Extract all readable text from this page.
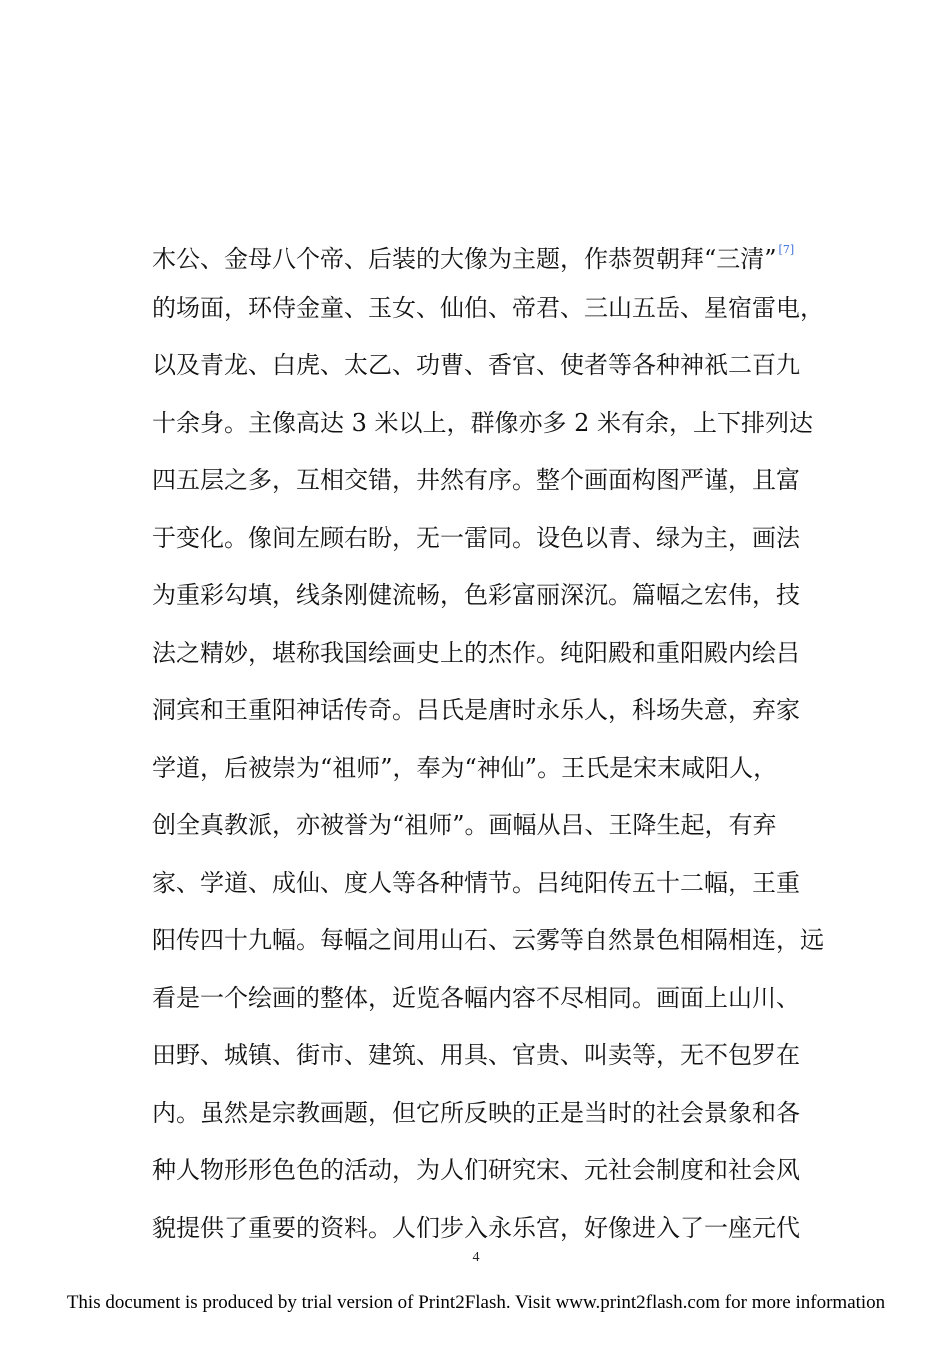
木公、金母八个帝、后装的大像为主题，作恭贺朝拜“三清” [7]
的场面，环侍金童、玉女、仙伯、帝君、三山五岳、星宿雷电，
以及青龙、白虎、太乙、功曹、香官、使者等各种神祇二百九
十余身。主像高达 3 米以上，群像亦多 2 米有余，上下排列达
四五层之多，互相交错，井然有序。整个画面构图严谨，且富
于变化。像间左顾右盼，无一雷同。设色以青、绿为主，画法
为重彩勾填，线条刚健流畅，色彩富丽深沉。篇幅之宏伟，技
法之精妙，堪称我国绘画史上的杰作。纯阳殿和重阳殿内绘吕
洞宾和王重阳神话传奇。吕氏是唐时永乐人，科场失意，弃家
学道，后被崇为“祖师”，奉为“神仙”。王氏是宋末咸阳人，
创全真教派，亦被誉为“祖师”。画幅从吕、王降生起，有弃
家、学道、成仙、度人等各种情节。吕纯阳传五十二幅，王重
阳传四十九幅。每幅之间用山石、云雾等自然景色相隔相连，远
看是一个绘画的整体，近览各幅内容不尽相同。画面上山川、
田野、城镇、街市、建筑、用具、官贵、叫卖等，无不包罗在
内。虽然是宗教画题，但它所反映的正是当时的社会景象和各
种人物形形色色的活动，为人们研究宋、元社会制度和社会风
貌提供了重要的资料。人们步入永乐宫，好像进入了一座元代
4
This document is produced by trial version of Print2Flash. Visit www.print2flash.com for more information
